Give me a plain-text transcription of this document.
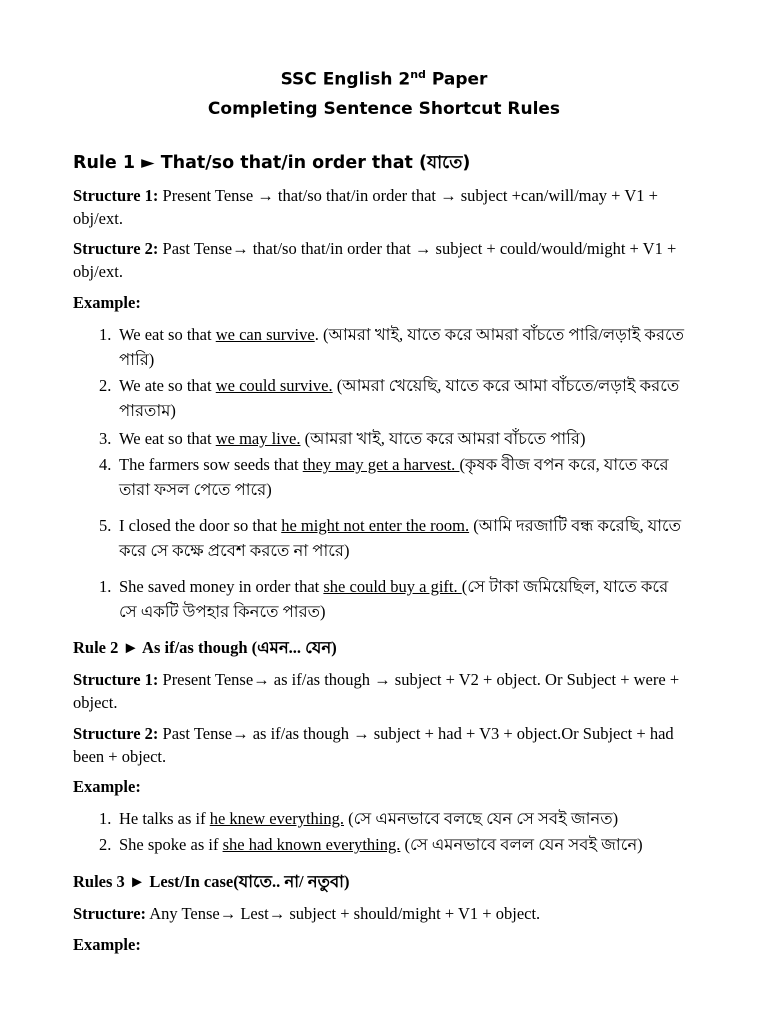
SSC English 2nd Paper
Completing Sentence Shortcut Rules
Rule 1 ► That/so that/in order that (যাতে)
Structure 1: Present Tense → that/so that/in order that → subject +can/will/may + V1 + obj/ext.
Structure 2: Past Tense→ that/so that/in order that → subject + could/would/might + V1 + obj/ext.
Example:
1. We eat so that we can survive. (আমরা খাই, যাতে করে আমরা বাঁচতে পারি/লড়াই করতে পারি)
2. We ate so that we could survive. (আমরা খেয়েছি, যাতে করে আমা বাঁচতে/লড়াই করতে পারতাম)
3. We eat so that we may live. (আমরা খাই, যাতে করে আমরা বাঁচতে পারি)
4. The farmers sow seeds that they may get a harvest. (কৃষক বীজ বপন করে, যাতে করে তারা ফসল পেতে পারে)
5. I closed the door so that he might not enter the room. (আমি দরজাটি বন্ধ করেছি, যাতে করে সে কক্ষে প্রবেশ করতে না পারে)
1. She saved money in order that she could buy a gift. (সে টাকা জমিয়েছিল, যাতে করে সে একটি উপহার কিনতে পারত)
Rule 2 ► As if/as though (এমন... যেন)
Structure 1: Present Tense→ as if/as though → subject + V2 + object. Or Subject + were + object.
Structure 2: Past Tense→ as if/as though → subject + had + V3 + object.Or Subject + had been + object.
Example:
1. He talks as if he knew everything. (সে এমনভাবে বলছে যেন সে সবই জানত)
2. She spoke as if she had known everything. (সে এমনভাবে বলল যেন সবই জানে)
Rules 3 ► Lest/In case(যাতে.. না/ নতুবা)
Structure: Any Tense→ Lest→ subject + should/might + V1 + object.
Example:
